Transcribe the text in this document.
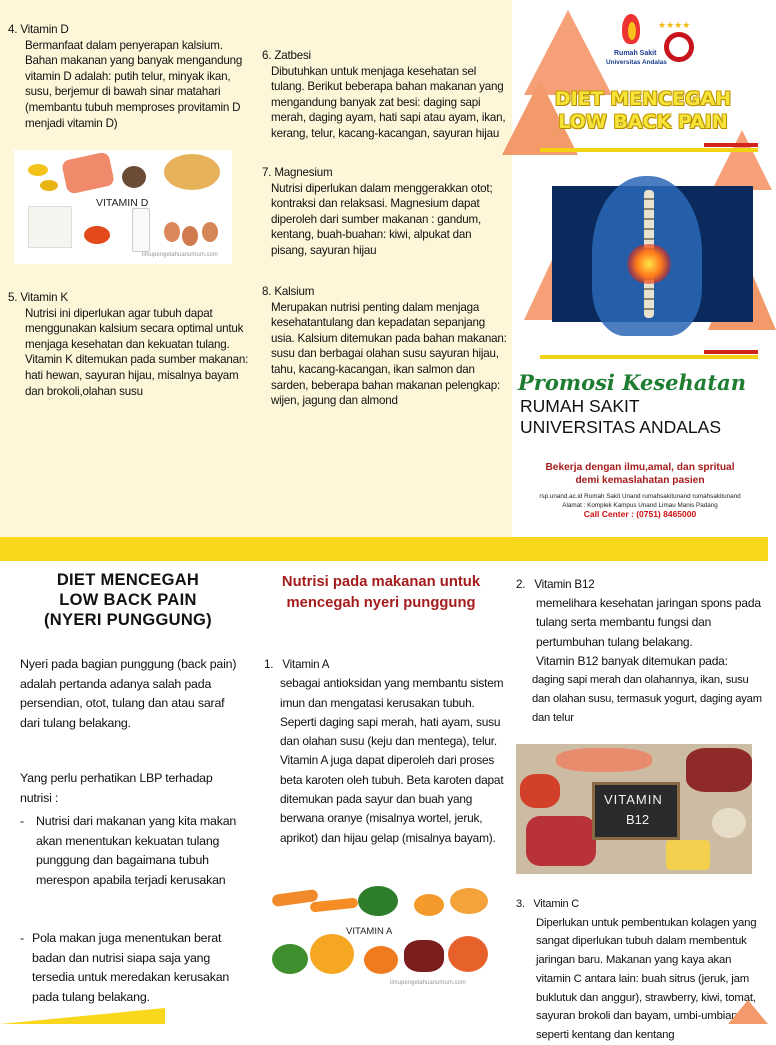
4. Vitamin D

Bermanfaat dalam penyerapan kalsium. Bahan makanan yang banyak mengandung vitamin D adalah: putih telur, minyak ikan, susu, berjemur di bawah sinar matahari (membantu tubuh memproses provitamin D menjadi vitamin D)

VITAMIN D
ilmupengetahuanumum.com
5. Vitamin K

Nutrisi ini diperlukan agar tubuh dapat menggunakan kalsium secara optimal untuk menjaga kesehatan dan kekuatan tulang. Vitamin K ditemukan pada sumber makanan: hati hewan, sayuran hijau, misalnya bayam dan brokoli,olahan susu

6. Zatbesi

Dibutuhkan untuk menjaga kesehatan sel tulang. Berikut beberapa bahan makanan yang mengandung banyak zat besi: daging sapi merah, daging ayam, hati sapi atau ayam, ikan, kerang, telur, kacang-kacangan, sayuran hijau

7. Magnesium

Nutrisi diperlukan dalam menggerakkan otot; kontraksi dan relaksasi. Magnesium dapat diperoleh dari sumber makanan : gandum, kentang, buah-buahan: kiwi, alpukat dan pisang, sayuran hijau

8. Kalsium

Merupakan nutrisi penting dalam menjaga kesehatantulang dan kepadatan sepanjang usia. Kalsium ditemukan pada bahan makanan: susu dan berbagai olahan susu sayuran hijau, tahu, kacang-kacangan, ikan salmon dan sarden, beberapa bahan makanan pelengkap: wijen, jagung dan almond

★★★★
Rumah Sakit
Universitas Andalas
DIET MENCEGAH
LOW BACK PAIN
Promosi Kesehatan
RUMAH SAKIT
UNIVERSITAS ANDALAS
Bekerja dengan ilmu,amal, dan spritual
demi kemaslahatan pasien
rsp.unand.ac.id Rumah Sakit Unand rumahsakitunand rumahsakitunand
Alamat : Komplek Kampus Unand Limau Manis Padang
Call Center : (0751) 8465000
DIET MENCEGAH
LOW BACK PAIN
(NYERI PUNGGUNG)
Nyeri pada bagian punggung (back pain) adalah pertanda adanya salah pada persendian, otot, tulang dan atau saraf dari tulang belakang.
Yang perlu perhatikan LBP terhadap nutrisi :
- Nutrisi dari makanan yang kita makan akan menentukan kekuatan tulang punggung dan bagaimana tubuh merespon apabila terjadi kerusakan
- Pola makan juga menentukan berat badan dan nutrisi siapa saja yang tersedia untuk meredakan kerusakan pada tulang belakang.
Nutrisi pada makanan untuk mencegah nyeri punggung
1. Vitamin A
sebagai antioksidan yang membantu sistem imun dan mengatasi kerusakan tubuh. Seperti daging sapi merah, hati ayam, susu dan olahan susu (keju dan mentega), telur. Vitamin A juga dapat diperoleh dari proses beta karoten oleh tubuh. Beta karoten dapat ditemukan pada sayur dan buah yang berwana oranye (misalnya wortel, jeruk, aprikot) dan hijau gelap (misalnya bayam).
VITAMIN A
ilmupengetahuanumum.com
2. Vitamin B12
memelihara kesehatan jaringan spons pada tulang serta membantu fungsi dan pertumbuhan tulang belakang.
Vitamin B12 banyak ditemukan pada:
daging sapi merah dan olahannya, ikan, susu dan olahan susu, termasuk yogurt, daging ayam dan telur
VITAMIN
B12
3. Vitamin C
Diperlukan untuk pembentukan kolagen yang sangat diperlukan tubuh dalam membentuk jaringan baru. Makanan yang kaya akan vitamin C antara lain: buah sitrus (jeruk, jam buklutuk dan anggur), strawberry, kiwi, tomat, sayuran brokoli dan bayam, umbi-umbian seperti kentang dan kentang
